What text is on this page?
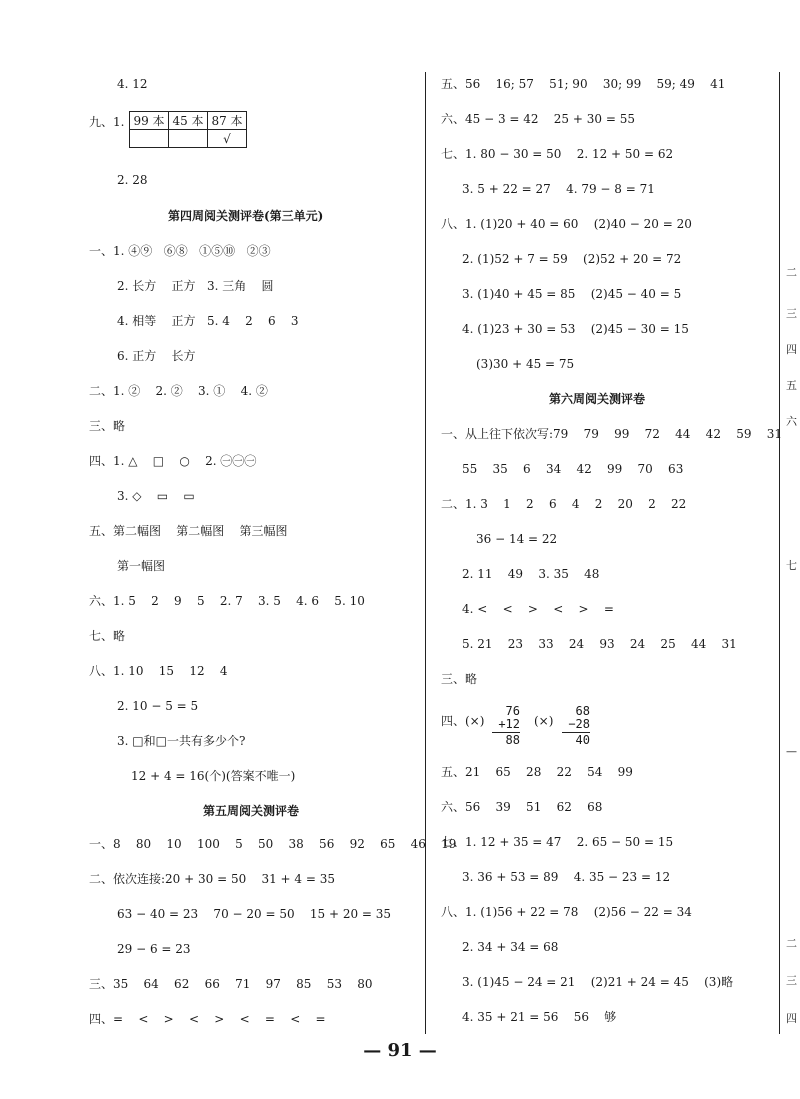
4. 12
九、1. 99 本	45 本	87 本
		√
2. 28
第四周阅关测评卷(第三单元)
一、1. ④⑨   ⑥⑧   ①⑤⑩   ②③
2. 长方    正方   3. 三角    圆
4. 相等    正方   5. 4    2    6    3
6. 正方    长方
二、1. ②    2. ②    3. ①    4. ②
三、略
四、1. △    □    ○    2. ㊀㊀㊀
3. ◇    ▭    ▭
五、第二幅图    第二幅图    第三幅图
第一幅图
六、1. 5    2    9    5    2. 7    3. 5    4. 6    5. 10
七、略
八、1. 10    15    12    4
2. 10 − 5 = 5
3. □和□一共有多少个?
12 + 4 = 16(个)(答案不唯一)
第五周阅关测评卷
一、8    80    10    100    5    50    38    56    92    65    46    19
二、依次连接:20 + 30 = 50    31 + 4 = 35
63 − 40 = 23    70 − 20 = 50    15 + 20 = 35
29 − 6 = 23
三、35    64    62    66    71    97    85    53    80
四、=    <    >    <    >    <    =    <    =
五、56    16; 57    51; 90    30; 99    59; 49    41
六、45 − 3 = 42    25 + 30 = 55
七、1. 80 − 30 = 50    2. 12 + 50 = 62
3. 5 + 22 = 27    4. 79 − 8 = 71
八、1. (1)20 + 40 = 60    (2)40 − 20 = 20
2. (1)52 + 7 = 59    (2)52 + 20 = 72
3. (1)40 + 45 = 85    (2)45 − 40 = 5
4. (1)23 + 30 = 53    (2)45 − 30 = 15
(3)30 + 45 = 75
第六周阅关测评卷
一、从上往下依次写:79    79    99    72    44    42    59    31
55    35    6    34    42    99    70    63
二、1. 3    1    2    6    4    2    20    2    22
36 − 14 = 22
2. 11    49    3. 35    48
4. <    <    >    <    >    =
5. 21    23    33    24    93    24    25    44    31
三、略
四、(×)
76
+12
88
(×)
68
−28
40
五、21    65    28    22    54    99
六、56    39    51    62    68
七、1. 12 + 35 = 47    2. 65 − 50 = 15
3. 36 + 53 = 89    4. 35 − 23 = 12
八、1. (1)56 + 22 = 78    (2)56 − 22 = 34
2. 34 + 34 = 68
3. (1)45 − 24 = 21    (2)21 + 24 = 45    (3)略
4. 35 + 21 = 56    56    够
二
三
四
五
六
七
—
二
三
四
— 91 —
